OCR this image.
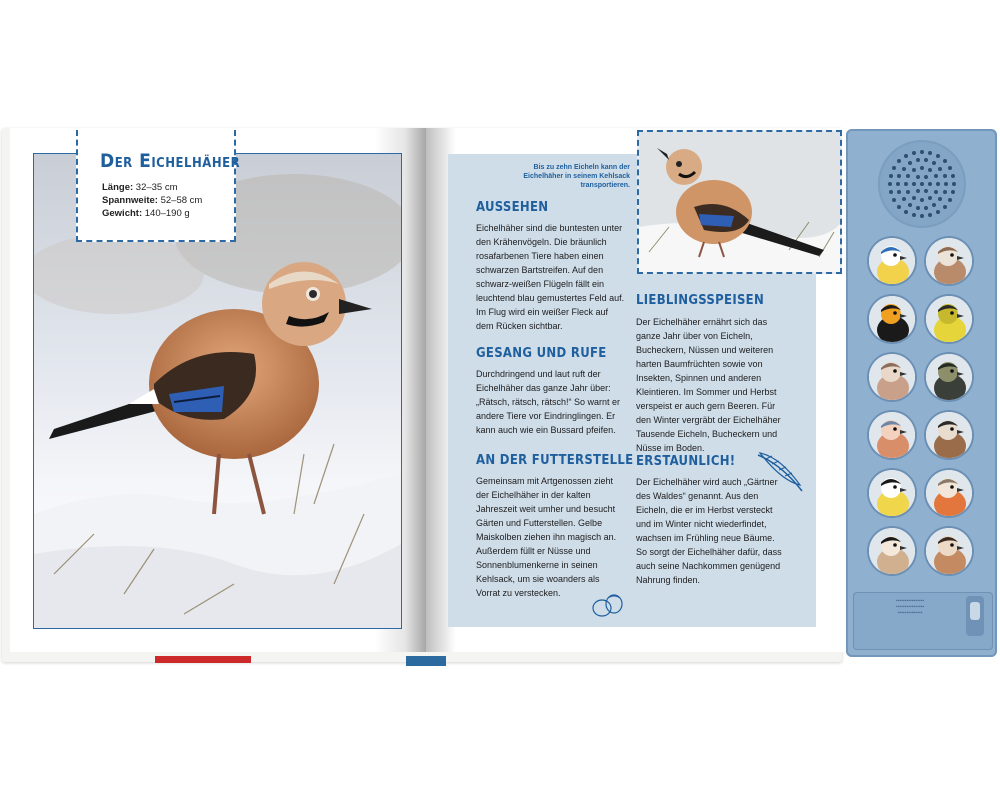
Der Eichelhäher
Länge: 32–35 cm
Spannweite: 52–58 cm
Gewicht: 140–190 g
Bis zu zehn Eicheln kann der Eichelhäher in seinem Kehlsack transportieren.
AUSSEHEN
Eichelhäher sind die buntesten unter den Krähenvögeln. Die bräunlich rosafarbenen Tiere haben einen schwarzen Bartstreifen. Auf den schwarz-weißen Flügeln fällt ein leuchtend blau gemustertes Feld auf. Im Flug wird ein weißer Fleck auf dem Rücken sichtbar.
GESANG UND RUFE
Durchdringend und laut ruft der Eichelhäher das ganze Jahr über: „Rätsch, rätsch, rätsch!“ So warnt er andere Tiere vor Eindringlingen. Er kann auch wie ein Bussard pfeifen.
AN DER FUTTERSTELLE
Gemeinsam mit Artgenossen zieht der Eichelhäher in der kalten Jahreszeit weit umher und besucht Gärten und Futterstellen. Gelbe Maiskolben ziehen ihn magisch an. Außerdem füllt er Nüsse und Sonnenblumenkerne in seinen Kehlsack, um sie woanders als Vorrat zu verstecken.
LIEBLINGSSPEISEN
Der Eichelhäher ernährt sich das ganze Jahr über von Eicheln, Bucheckern, Nüssen und weiteren harten Baumfrüchten sowie von Insekten, Spinnen und anderen Kleintieren. Im Sommer und Herbst verspeist er auch gern Beeren. Für den Winter vergräbt der Eichelhäher Tausende Eicheln, Bucheckern und Nüsse im Boden.
ERSTAUNLICH!
Der Eichelhäher wird auch „Gärtner des Waldes“ genannt. Aus den Eicheln, die er im Herbst versteckt und im Winter nicht wiederfindet, wachsen im Frühling neue Bäume. So sorgt der Eichelhäher dafür, dass auch seine Nachkommen genügend Nahrung finden.
▪▪▪▪▪▪▪▪▪▪▪▪▪▪▪▪
▪▪▪▪▪▪▪▪▪▪▪▪▪▪▪▪
▪▪▪▪▪▪▪▪▪▪▪▪▪▪
